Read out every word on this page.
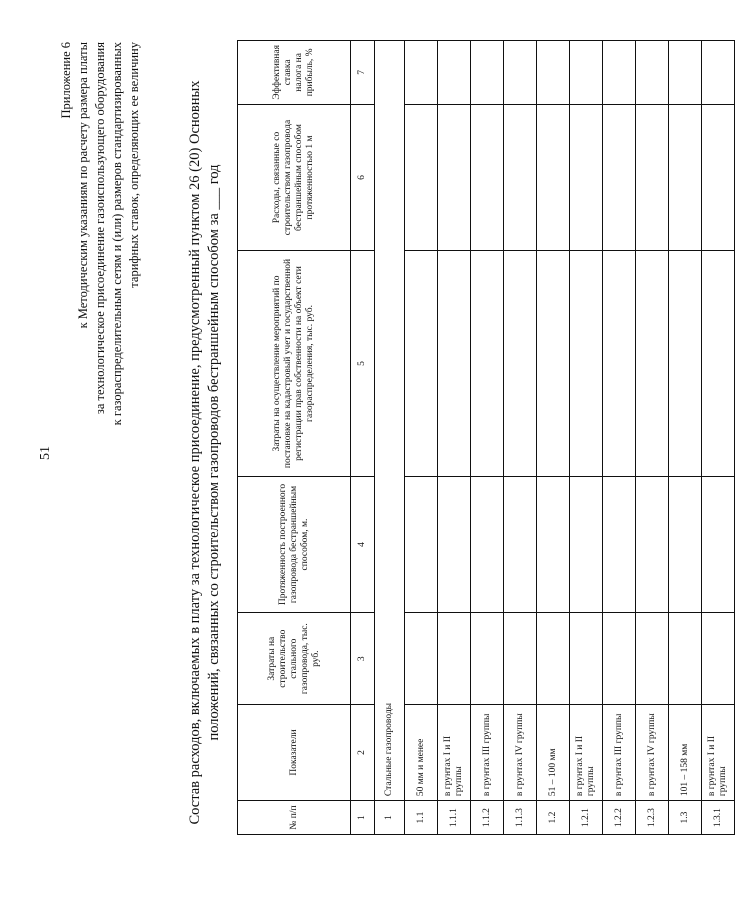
51
Приложение 6 к Методическим указаниям по расчету размера платы за технологическое присоединение газоиспользующего оборудования к газораспределительным сетям и (или) размеров стандартизированных тарифных ставок, определяющих ее величину	Состав расходов, включаемых в плату за технологическое присоединение, предусмотренный пунктом 26 (20) Основных положений, связанных со строительством газопроводов бестраншейным способом за ___ год
№ п/п	Показатели	Затраты на строительство стального газопровода, тыс. руб.	Протяженность построенного газопровода бестраншейным способом, м.	Затраты на осуществление мероприятий по постановке на кадастровый учет и государственной регистрации прав собственности на объект сети газораспределения, тыс. руб.	Расходы, связанные со строительством газопровода бестраншейным способом протяженностью 1 м	Эффективная ставка налога на прибыль, %
1	2	3	4	5	6	7
1	Стальные газопроводы					
1.1	50 мм и менее					
1.1.1	в грунтах I и II группы					
1.1.2	в грунтах III группы					
1.1.3	в грунтах IV группы					
1.2	51 – 100 мм					
1.2.1	в грунтах I и II группы					
1.2.2	в грунтах III группы					
1.2.3	в грунтах IV группы					
1.3	101 – 158 мм					
1.3.1	в грунтах I и II группы					
